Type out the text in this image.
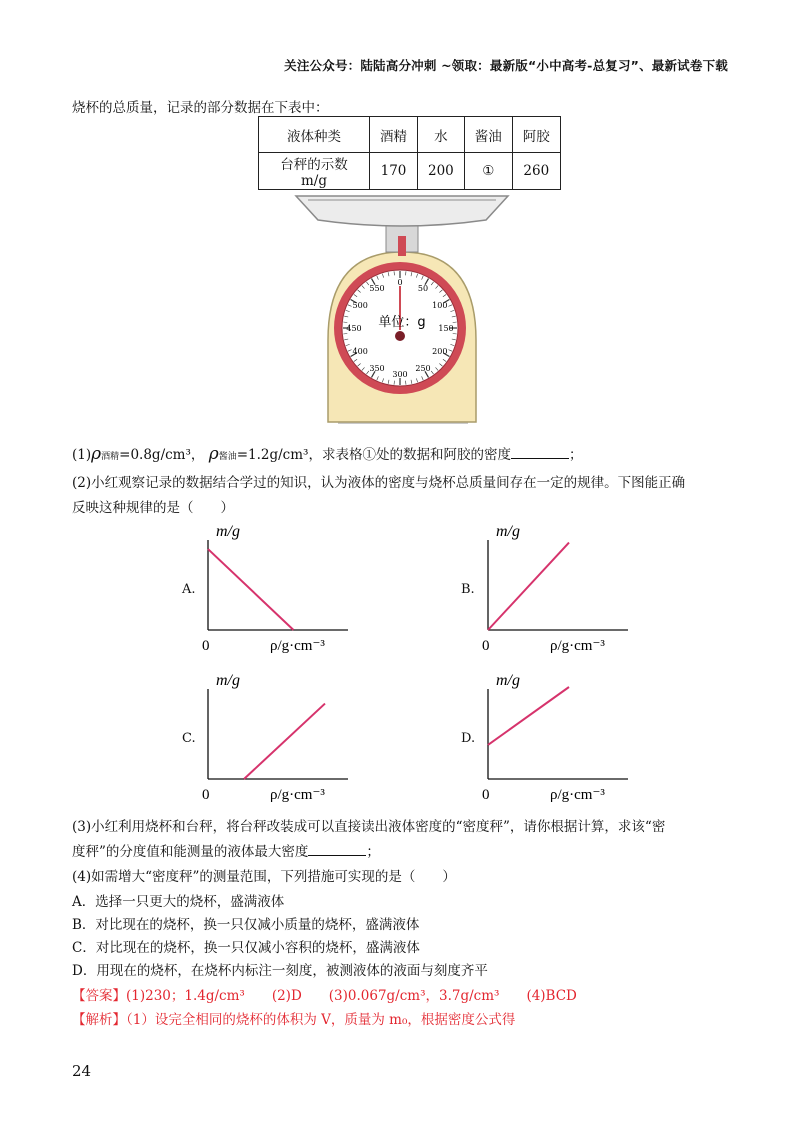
关注公众号：陆陆高分冲刺 ~领取：最新版“小中高考-总复习”、最新试卷下载
烧杯的总质量，记录的部分数据在下表中：
液体种类	酒精	水	酱油	阿胶
台秤的示数m/g	170	200	①	260
0
50
100
150
200
250
300
350
400
450
500
550
单位：g
(1)ρ酒精=0.8g/cm³， ρ酱油=1.2g/cm³，求表格①处的数据和阿胶的密度	；
(2)小红观察记录的数据结合学过的知识，认为液体的密度与烧杯总质量间存在一定的规律。下图能正确
反映这种规律的是（　　）
A.
m/g
0	ρ/g·cm⁻³
B.
m/g
0	ρ/g·cm⁻³
C.
m/g
0	ρ/g·cm⁻³
D.
m/g
0	ρ/g·cm⁻³
(3)小红利用烧杯和台秤，将台秤改装成可以直接读出液体密度的“密度秤”，请你根据计算，求该“密
度秤”的分度值和能测量的液体最大密度	；
(4)如需增大“密度秤”的测量范围，下列措施可实现的是（　　）
A．选择一只更大的烧杯，盛满液体
B．对比现在的烧杯，换一只仅减小质量的烧杯，盛满液体
C．对比现在的烧杯，换一只仅减小容积的烧杯，盛满液体
D．用现在的烧杯，在烧杯内标注一刻度，被测液体的液面与刻度齐平
【答案】(1)230；1.4g/cm³　　(2)D　　(3)0.067g/cm³，3.7g/cm³　　(4)BCD
【解析】（1）设完全相同的烧杯的体积为 V，质量为 m₀，根据密度公式得
24
